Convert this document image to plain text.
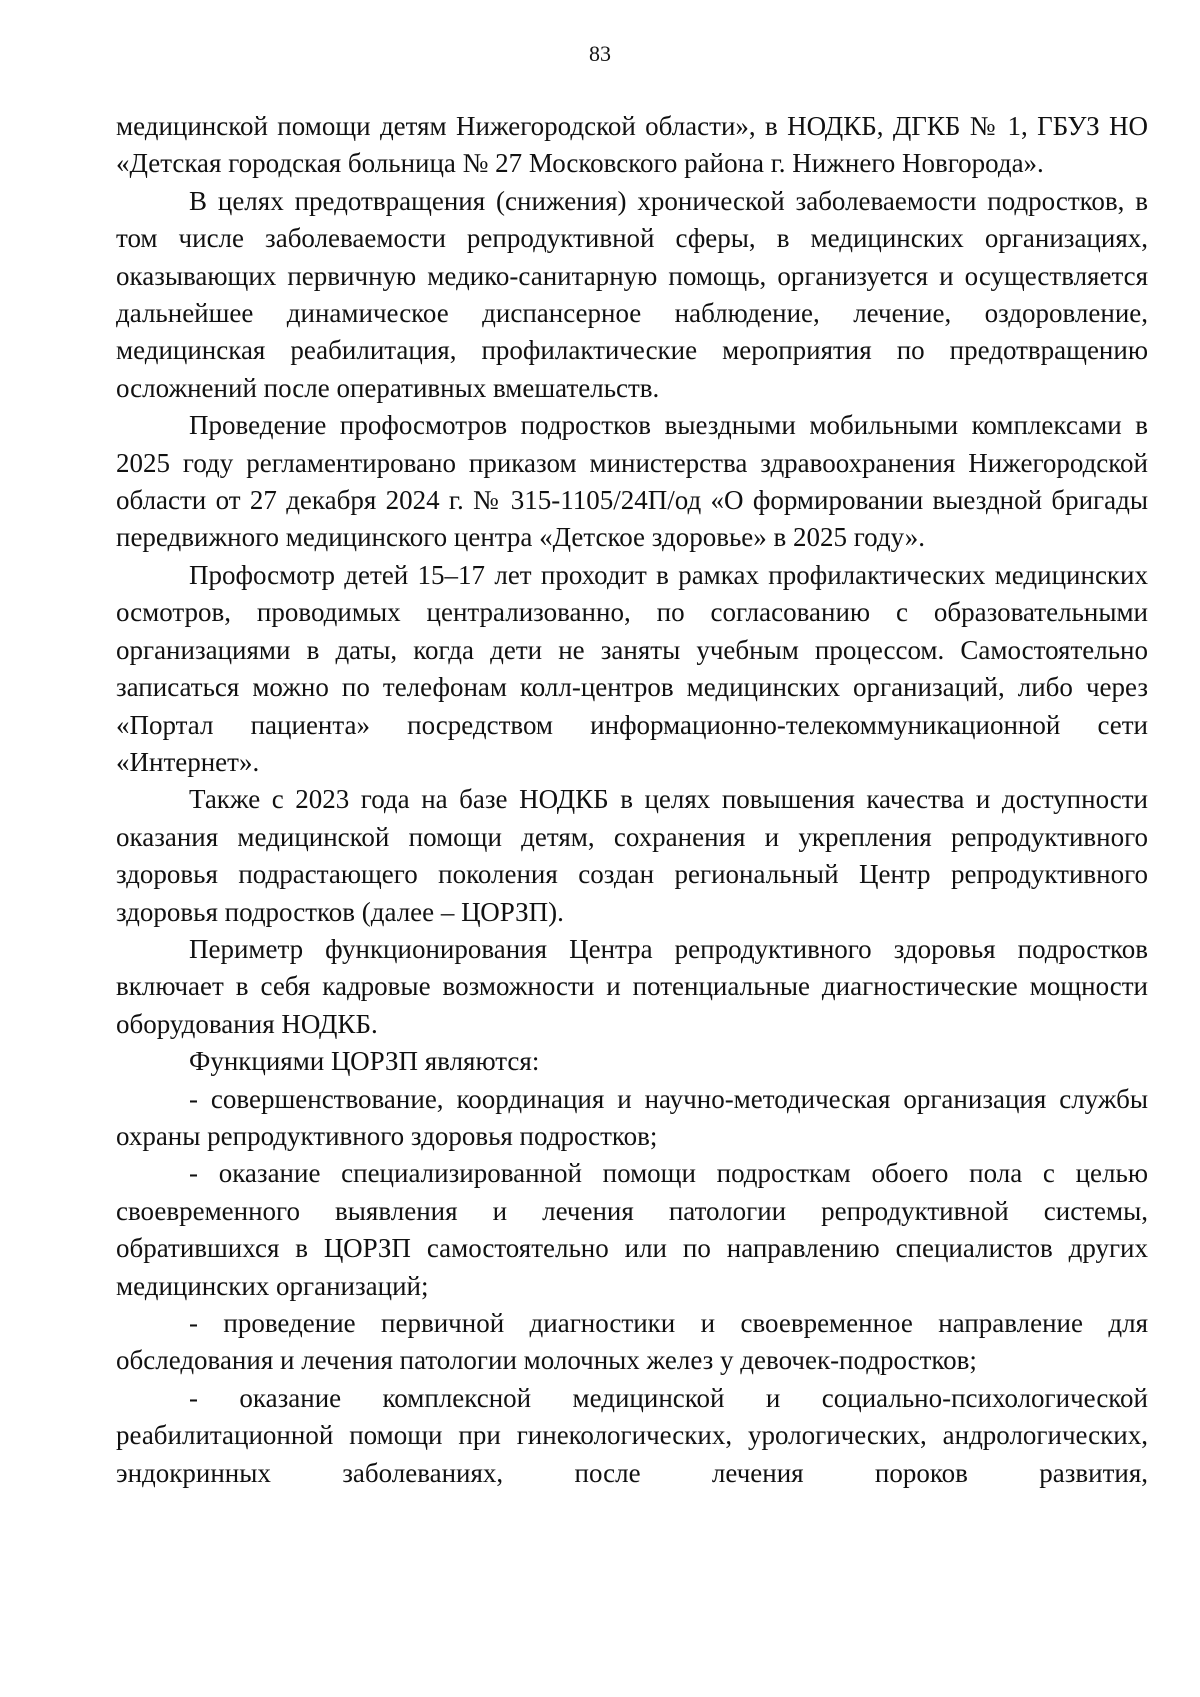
83

медицинской помощи детям Нижегородской области», в НОДКБ, ДГКБ № 1, ГБУЗ НО «Детская городская больница № 27 Московского района г. Нижнего Новгорода».

В целях предотвращения (снижения) хронической заболеваемости подростков, в том числе заболеваемости репродуктивной сферы, в медицинских организациях, оказывающих первичную медико-санитарную помощь, организуется и осуществляется дальнейшее динамическое диспансерное наблюдение, лечение, оздоровление, медицинская реабилитация, профилактические мероприятия по предотвращению осложнений после оперативных вмешательств.

Проведение профосмотров подростков выездными мобильными комплексами в 2025 году регламентировано приказом министерства здравоохранения Нижегородской области от 27 декабря 2024 г. № 315-1105/24П/од «О формировании выездной бригады передвижного медицинского центра «Детское здоровье» в 2025 году».

Профосмотр детей 15–17 лет проходит в рамках профилактических медицинских осмотров, проводимых централизованно, по согласованию с образовательными организациями в даты, когда дети не заняты учебным процессом. Самостоятельно записаться можно по телефонам колл-центров медицинских организаций, либо через «Портал пациента» посредством информационно-телекоммуникационной сети «Интернет».

Также с 2023 года на базе НОДКБ в целях повышения качества и доступности оказания медицинской помощи детям, сохранения и укрепления репродуктивного здоровья подрастающего поколения создан региональный Центр репродуктивного здоровья подростков (далее – ЦОРЗП).

Периметр функционирования Центра репродуктивного здоровья подростков включает в себя кадровые возможности и потенциальные диагностические мощности оборудования НОДКБ.

Функциями ЦОРЗП являются:

- совершенствование, координация и научно-методическая организация службы охраны репродуктивного здоровья подростков;

- оказание специализированной помощи подросткам обоего пола с целью своевременного выявления и лечения патологии репродуктивной системы, обратившихся в ЦОРЗП самостоятельно или по направлению специалистов других медицинских организаций;

- проведение первичной диагностики и своевременное направление для обследования и лечения патологии молочных желез у девочек-подростков;

- оказание комплексной медицинской и социально-психологической реабилитационной помощи при гинекологических, урологических, андрологических, эндокринных заболеваниях, после лечения пороков развития,
